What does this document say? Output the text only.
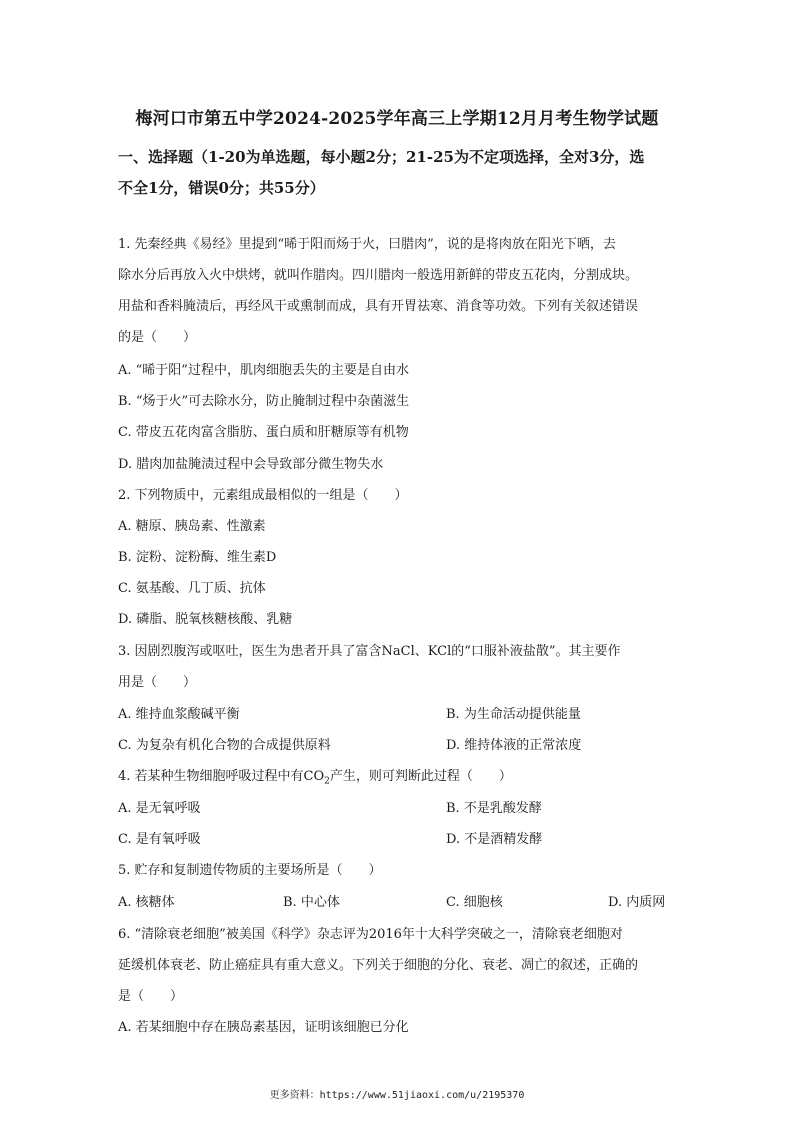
梅河口市第五中学2024-2025学年高三上学期12月月考生物学试题
一、选择题（1-20为单选题，每小题2分；21-25为不定项选择，全对3分，选
不全1分，错误0分；共55分）
1. 先秦经典《易经》里提到“晞于阳而炀于火，曰腊肉”，说的是将肉放在阳光下晒，去
除水分后再放入火中烘烤，就叫作腊肉。四川腊肉一般选用新鲜的带皮五花肉，分割成块。
用盐和香料腌渍后，再经风干或熏制而成，具有开胃祛寒、消食等功效。下列有关叙述错误
的是（　　）
A. “晞于阳”过程中，肌肉细胞丢失的主要是自由水
B. “炀于火”可去除水分，防止腌制过程中杂菌滋生
C. 带皮五花肉富含脂肪、蛋白质和肝糖原等有机物
D. 腊肉加盐腌渍过程中会导致部分微生物失水
2. 下列物质中，元素组成最相似的一组是（　　）
A. 糖原、胰岛素、性激素
B. 淀粉、淀粉酶、维生素D
C. 氨基酸、几丁质、抗体
D. 磷脂、脱氧核糖核酸、乳糖
3. 因剧烈腹泻或呕吐，医生为患者开具了富含NaCl、KCl的“口服补液盐散”。其主要作
用是（　　）
A. 维持血浆酸碱平衡	B. 为生命活动提供能量
C. 为复杂有机化合物的合成提供原料	D. 维持体液的正常浓度
4. 若某种生物细胞呼吸过程中有$CO_2$产生，则可判断此过程（　　）
A. 是无氧呼吸	B. 不是乳酸发酵
C. 是有氧呼吸	D. 不是酒精发酵
5. 贮存和复制遗传物质的主要场所是（　　）
A. 核糖体	B. 中心体	C. 细胞核	D. 内质网
6. “清除衰老细胞”被美国《科学》杂志评为2016年十大科学突破之一，清除衰老细胞对
延缓机体衰老、防止癌症具有重大意义。下列关于细胞的分化、衰老、凋亡的叙述，正确的
是（　　）
A. 若某细胞中存在胰岛素基因，证明该细胞已分化
更多资料：https://www.51jiaoxi.com/u/2195370
